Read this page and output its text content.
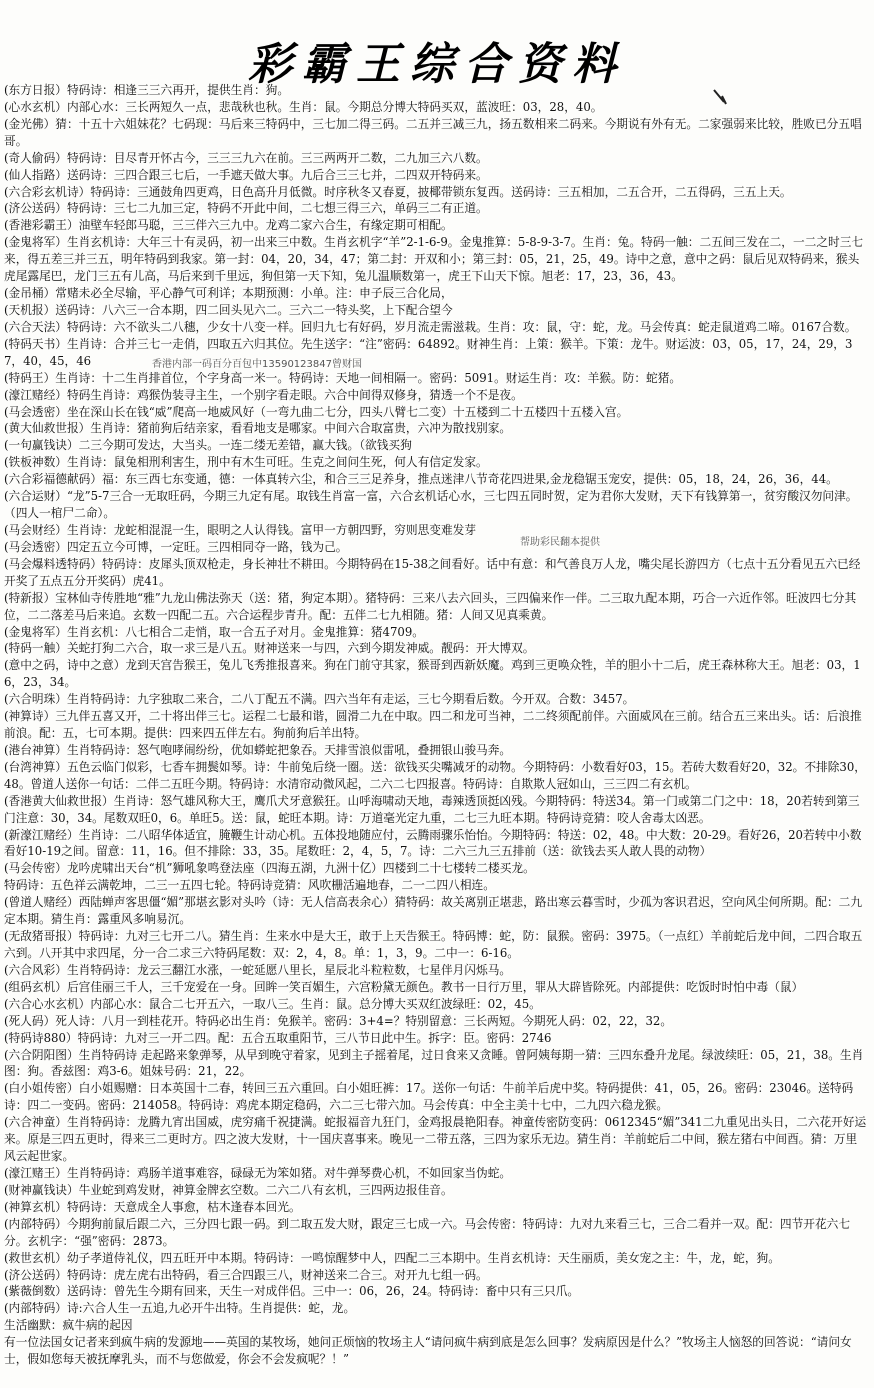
彩霸王综合资料
(东方日报）特码诗：相逢三三六再开，提供生肖：狗。
(心水玄机）内部心水：三长两短久一点，悲哉秋也秋。生肖：鼠。今期总分博大特码买双，蓝波旺：03，28，40。
(金光佛）猜：十五十六姐妹花？七码现：马后来三特码中，三七加二得三码。二五并三减三九，扬五数相来二码来。今期说有外有无。二家强弱来比较，胜败已分五唱哥。
(奇人偷码）特码诗：目尽青开怀古今，三三三九六在前。三三两两开二数，二九加三六八数。
(仙人指路）送码诗：三四合跟三七后，一手遮天做大事。九后合三三七并，二四双开特码来。
(六合彩玄机诗）特码诗：三通鼓角四更鸡，日色高升月低微。时序秋冬又春夏，披椰带锁东复西。送码诗：三五相加，二五合开，二五得码，三五上天。
(济公送码）特码诗：三七二九加三定，特码不开此中间，二七想三得三六，单码三二有正道。
(香港彩霸王）油壁车轻郎马聪，三三伴六三九中。龙鸡二家六合生，有缘定期可相配。
(金鬼将军）生肖玄机诗：大年三十有灵码，初一出来三中数。生肖玄机字“羊”2-1-6-9。金鬼推算：5-8-9-3-7。生肖：兔。特码一触：二五间三发在二，一二之时三七来，得五差三并三五，明年特码到我家。第一封：04，20，34，47；第二封：开双和小；第三封：05，21，25，49。诗中之意，意中之码：鼠后见双特码来，猴头虎尾露尾巴，龙门三五有儿高，马后来到千里远，狗但第一天下知，兔儿温顺数第一，虎王下山天下惊。旭老：17，23，36，43。
(金吊桶）常赌未必全尽输，平心静气可利详；本期预测：小单。注：申子辰三合化局，
(天机报）送码诗：八六三一合本期，四二回头见六二。三六二一特头奖，上下配合望今
(六合天法）特码诗：六不欲头二八穗，少女十八变一样。回归九七有好码，岁月流走需滋栽。生肖：攻：鼠，守：蛇，龙。马会传真：蛇走鼠道鸡二啼。0167合数。
(特码天书）生肖诗：合并三七一走俏，四取五六归其位。先生送字：“注”密码：64892。财神生肖：上策：猴羊。下策：龙牛。财运波：03，05，17，24，29，37，40，45，46
(特码王）生肖诗：十二生肖排首位，个字身高一米一。特码诗：天地一间相隔一。密码：5091。财运生肖：攻：羊猴。防：蛇猪。
(濠江赌经）特码生肖诗：鸡猴伪装寻主生，一个别字看走眼。六合中间得双修身，猜透一个不是夜。
(马会透密）坐在深山长在钱“威”爬高一地威风好（一弯九曲二七分，四头八臂七二变）十五楼到二十五楼四十五楼入宫。
(黄大仙救世报）生肖诗：猪前狗后结亲家，看看地支是哪家。中间六合取富贵，六冲为散找别家。
(一句赢钱诀）二三今期可发达，大当头。一连二缕无差错，赢大钱。（欲钱买狗
(铁板神数）生肖诗：鼠兔相刑利害生，刑中有木生可旺。生克之间问生死，何人有信定发家。
(六合彩福德献码）福：东三西七东变通，德：一体真转六尘，和合三三足养身，推点迷津八节奇花四进果,金龙稳锯玉宠安，提供：05，18，24，26，36，44。
(六合运财）“龙”5-7三合一无取旺码，今期三九定有尾。取钱生肖富一富，六合玄机话心水，三七四五同时贺，定为君你大发财，天下有钱算第一，贫穷酸汉勿问津。（四人一棺尸二命）。
(马会财经）生肖诗：龙蛇相混混一生，眼明之人认得钱。富甲一方朝四野，穷则思变难发芽
(马会透密）四定五立今可博，一定旺。三四相同夺一路，钱为己。
(马会爆料透特码）特码诗：皮犀头顶双枪走，身长神壮不耕田。今期特码在15-38之间看好。话中有意：和气善良万人龙，嘴尖尾长游四方（七点十五分看见五六已经开奖了五点五分开奖码）虎41。
(特新报）宝林仙寺传胜地“雅”九龙山佛法弥天（送：猪，狗定本期）。猪特码：三来八去六回头，三四偏来作一伴。二三取九配本期，巧合一六近作邻。旺波四七分其位，二二落差马后来追。玄数一四配二五。六合运程步青升。配：五伴二七九相随。猪：人间又见真乘黄。
(金鬼将军）生肖玄机：八七相合二走悄，取一合五子对月。金鬼推算：猪4709。
(特码一触）关蛇打狗二六合，取一求三是八五。财神送来一与四，六到今期发神威。靓码：开大博双。
(意中之码，诗中之意）龙到天宫告猴王，兔儿飞秀推报喜来。狗在门前守其家，猴哥到西新妖魔。鸡到三更唤众牲，羊的胆小十二后，虎王森林称大王。旭老：03，16，23，34。
(六合明珠）生肖特码诗：九字独取二来合，二八丁配五不满。四六当年有走运，三七今期看后数。今开双。合数：3457。
(神算诗）三九伴五喜又开，二十将出伴三七。运程二七最和谐，圆滑二九在中取。四二和龙可当神，二二终须配前伴。六面威风在三前。结合五三来出头。话：后浪推前浪。配：五，七可本期。提供：四来四五伴左右。狗前狗后羊出特。
(港台神算）生肖特码诗：怒气咆哮闹纷纷，优如蟒蛇把象吞。天排雪浪似雷吼，叠拥银山骏马奔。
(台湾神算）五色云临门似彩，七香车拥鬓如琴。诗：牛前兔后绕一圈。送：欲钱买尖嘴减牙的动物。今期特码：小数看好03，15。若砖大数看好20，32。不排除30，48。曾道人送你一句话：二伴二五旺今期。特码诗：水清帘动微风起，二六二七四报喜。特码诗：自欺欺人冠如山，三三四二有玄机。
(香港黄大仙救世报）生肖诗：怒气雄风称大王，鹰爪犬牙意猴狂。山呼海啸动天地，毒辣透顶挺凶残。今期特码：特送34。第一门或第二门之中：18，20若转到第三门注意：30，34。尾数双旺0，6。单旺5。送：鼠，蛇旺本期。诗：万道毫光定九重，二七三九旺本期。特码诗竞猜：咬人舍毒太凶恶。
(新濠江赌经）生肖诗：二八昭华体适宜，腌鞭生计动心机。五体投地随应付，云腾雨骤乐怡怡。今期特码：特送：02，48。中大数：20-29。看好26，20若转中小数看好10-19之间。留意：11，16。但不排除：33，35。尾数旺：2，4，5，7。诗：二六三九三五排前（送：欲钱去买人敢人畏的动物）
(马会传密）龙吟虎啸出天台“机”狮吼象鸣登法座（四海五湖，九洲十亿）四楼到二十七楼转二楼买龙。
特码诗：五色祥云满乾坤，二三一五四七轮。特码诗竞猜：风吹栅活遍地春，二一二四八相连。
(曾道人赌经）西陆蝉声客思僵“媚”那堪玄影对头吟（诗：无人信高表余心）猜特码：故关离别正堪悲，路出寒云暮雪时，少孤为客识君迟，空向风尘何所期。配：二九定本期。猜生肖：露重风多响易沉。
(无敌猪哥报）特码诗：九对三七开二八。猜生肖：生来水中是大王，敢于上天告猴王。特码博：蛇，防：鼠猴。密码：3975。（一点红）羊前蛇后龙中间，二四合取五六到。八开其中求四尾，分一合二求三六特码尾数：双：2，4，8。单：1，3，9。二中一：6-16。
(六合风彩）生肖特码诗：龙云三翻江水涨，一蛇延愿八里长，星辰北斗粒粒数，七星伴月闪烁马。
(组码玄机）后宫佳丽三千人，三千宠爱在一身。回眸一笑百媚生，六宫粉黛无颜色。教书一日行万里，罪从大辟皆除死。内部提供：吃饭时时怕中毒（鼠）
(六合心水玄机）内部心水：鼠合二七开五六，一取八三。生肖：鼠。总分博大买双红波绿旺：02，45。
(死人码）死人诗：八月一到桂花开。特码必出生肖：免猴羊。密码：3+4=？特别留意：三长两短。今期死人码：02，22，32。
(特码诗880）特码诗：九对三一开二四。配：五合五取重阳节，三八节日此中生。拆字：臣。密码：2746
(六合阴阳图）生肖特码诗 走起路来象弹琴，从早到晚守着家，见到主子摇着尾，过日食来又贪睡。曾阿姨每期一猜：三四东叠升龙尾。绿波续旺：05，21，38。生肖图：狗。香兹图：鸡3-6。姐妹号码：21，22。
(白小姐传密）白小姐赐赠：日本英国十二春，转回三五六重回。白小姐旺裤：17。送你一句话：牛前羊后虎中奖。特码提供：41，05，26。密码：23046。送特码诗：四二一变码。密码：214058。特码诗：鸡虎本期定稳码，六二三七带六加。马会传真：中全主美十七中，二九四六稳龙猴。
(六合神童）生肖特码诗：龙腾九宵出国威，虎穷痛千祝捷满。蛇报福音九狂门，金鸡报晨艳阳春。神童传密防变码：0612345“媚”341二九重见出头日，二六花开好运来。原是三四五更时，得来三二更时方。四之波大发财，十一国庆喜事来。晚见一二带五落，三四为家乐无边。猜生肖：羊前蛇后二中间，猴左猪右中间酉。猜：万里风云起世家。
(濠江赌王）生肖特码诗：鸡肠羊道事难容，碌碌无为笨如猪。对牛弹琴费心机，不如回家当伪蛇。
(财神赢钱诀）牛业蛇到鸡发财，神算金牌玄空数。二六二八有玄机，三四两边报佳音。
(神算玄机）特码诗：天意成全人事愈，枯木逢春本回光。
(内部特码）今期狗前鼠后跟二六，三分四七跟一码。到二取五发大财，跟定三七成一六。马会传密：特码诗：九对九来看三七，三合二看并一双。配：四节开花六七分。玄机字：“强”密码：2873。
(救世玄机）幼子孝道侍礼仪，四五旺开中本期。特码诗：一鸣惊醒梦中人，四配二三本期中。生肖玄机诗：天生丽质，美女宠之主：牛，龙，蛇，狗。
(济公送码）特码诗：虎左虎右出特码，看三合四跟三八，财神送来二合三。对开九七组一码。
(紫薇倒数）送码诗：曾先生今期有回来，天生一对成伴侣。三中一：06，26，24。特码诗：畜中只有三只爪。
(内部特码）诗:六合人生一五追,九必开牛出特。生肖提供：蛇，龙。
生活幽默：疯牛病的起因
有一位法国女记者来到疯牛病的发源地——英国的某牧场，她问正烦恼的牧场主人“请问疯牛病到底是怎么回事？发病原因是什么？”牧场主人恼怒的回答说：“请问女士，假如您每天被抚摩乳头，而不与您做爱，你会不会发疯呢？！”
香港内部一码百分百包中13590123847曾财国
帮助彩民翻本提供
